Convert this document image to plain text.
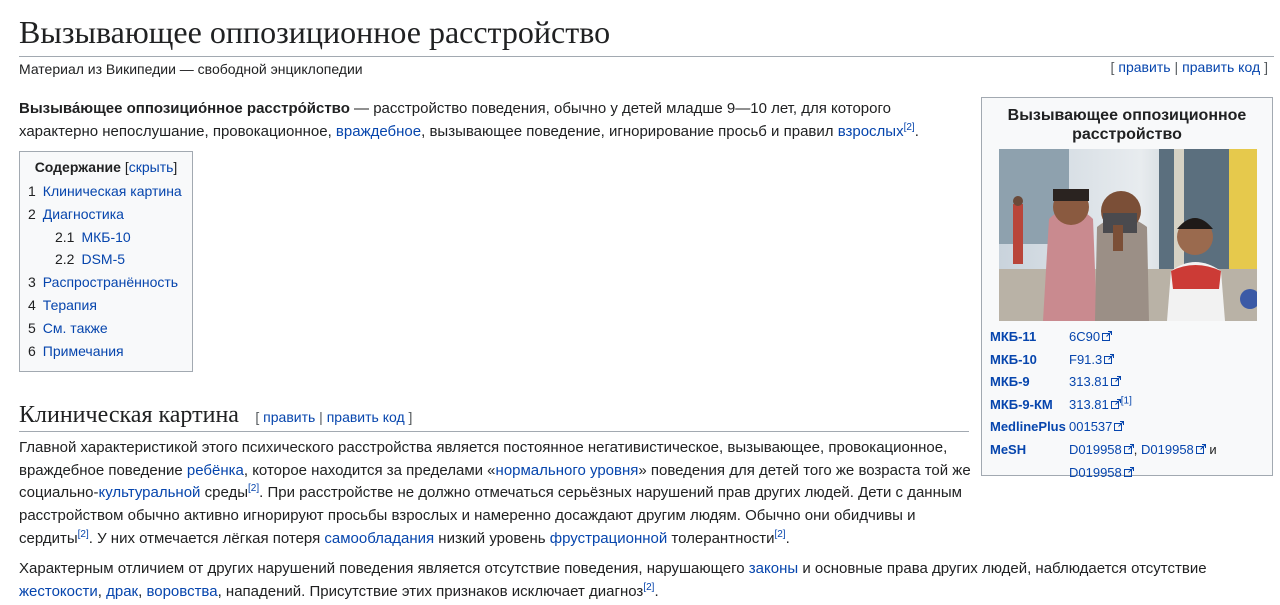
Вызывающее оппозиционное расстройство
Материал из Википедии — свободной энциклопедии	[ править | править код ]
Вызыва́ющее оппозицио́нное расстро́йство — расстройство поведения, обычно у детей младше 9—10 лет, для которого характерно непослушание, провокационное, враждебное, вызывающее поведение, игнорирование просьб и правил взрослых[2].
Содержание [скрыть]
1 Клиническая картина
2 Диагностика
2.1 МКБ-10
2.2 DSM-5
3 Распространённость
4 Терапия
5 См. также
6 Примечания
Клиническая картина [ править | править код ]
Главной характеристикой этого психического расстройства является постоянное негативистическое, вызывающее, провокационное, враждебное поведение ребёнка, которое находится за пределами «нормального уровня» поведения для детей того же возраста той же социально-культуральной среды[2]. При расстройстве не должно отмечаться серьёзных нарушений прав других людей. Дети с данным расстройством обычно активно игнорируют просьбы взрослых и намеренно досаждают другим людям. Обычно они обидчивы и сердиты[2]. У них отмечается лёгкая потеря самообладания низкий уровень фрустрационной толерантности[2].
Характерным отличием от других нарушений поведения является отсутствие поведения, нарушающего законы и основные права других людей, наблюдается отсутствие жестокости, драк, воровства, нападений. Присутствие этих признаков исключает диагноз[2].
Вызывающее оппозиционное расстройство
МКБ-11	6C90
МКБ-10	F91.3
МКБ-9	313.81
МКБ-9-КМ	313.81 [1]
MedlinePlus	001537
MeSH	D019958 , D019958 и
D019958
